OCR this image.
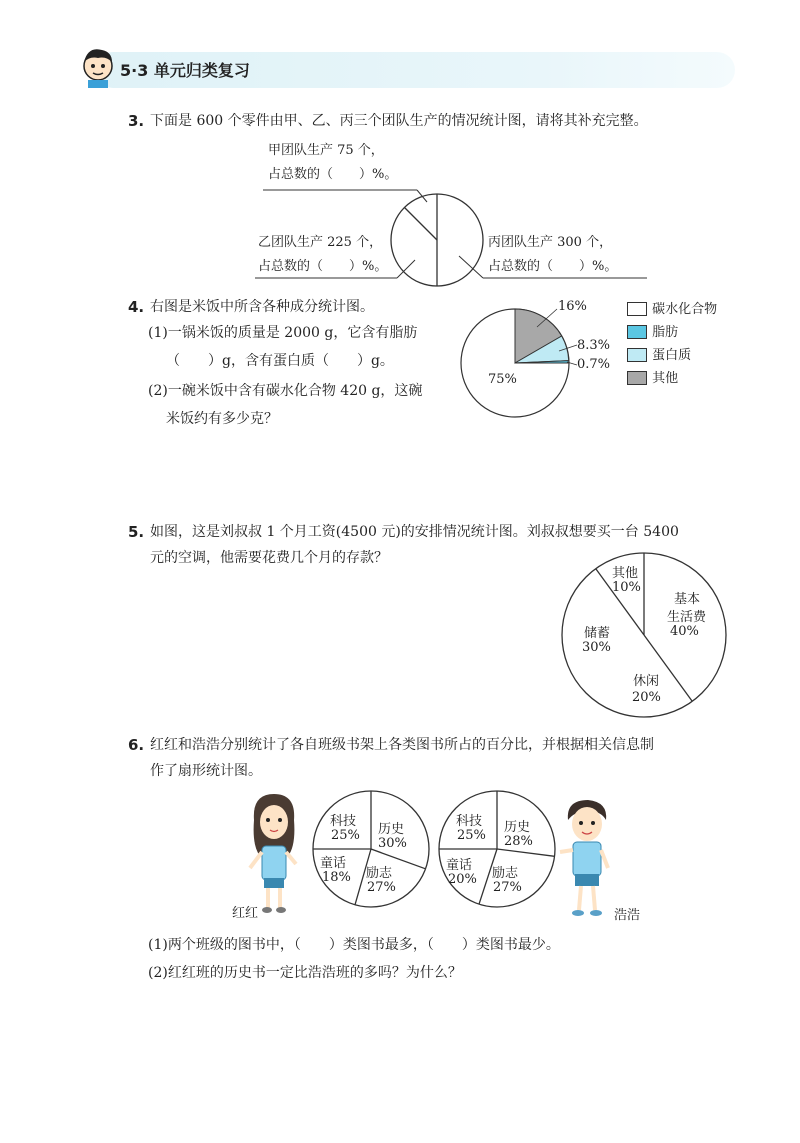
5·3 单元归类复习
3. 下面是 600 个零件由甲、乙、丙三个团队生产的情况统计图，请将其补充完整。
甲团队生产 75 个，
占总数的（　　）%。
乙团队生产 225 个，
占总数的（　　）%。
丙团队生产 300 个，
占总数的（　　）%。
4. 右图是米饭中所含各种成分统计图。
(1)一锅米饭的质量是 2000 g，它含有脂肪
（　　）g，含有蛋白质（　　）g。
(2)一碗米饭中含有碳水化合物 420 g，这碗
米饭约有多少克？
16%
8.3%
0.7%
75%
碳水化合物
脂肪
蛋白质
其他
5. 如图，这是刘叔叔 1 个月工资(4500 元)的安排情况统计图。刘叔叔想要买一台 5400
元的空调，他需要花费几个月的存款？
其他
10%
基本
生活费
40%
储蓄
30%
休闲
20%
6. 红红和浩浩分别统计了各自班级书架上各类图书所占的百分比，并根据相关信息制
作了扇形统计图。
红红
科技
25% 历史
30%
童话
18% 励志
27%
科技
25%
历史
28%
童话
20% 励志
27%
浩浩
(1)两个班级的图书中，（　　）类图书最多，（　　）类图书最少。
(2)红红班的历史书一定比浩浩班的多吗？为什么？
